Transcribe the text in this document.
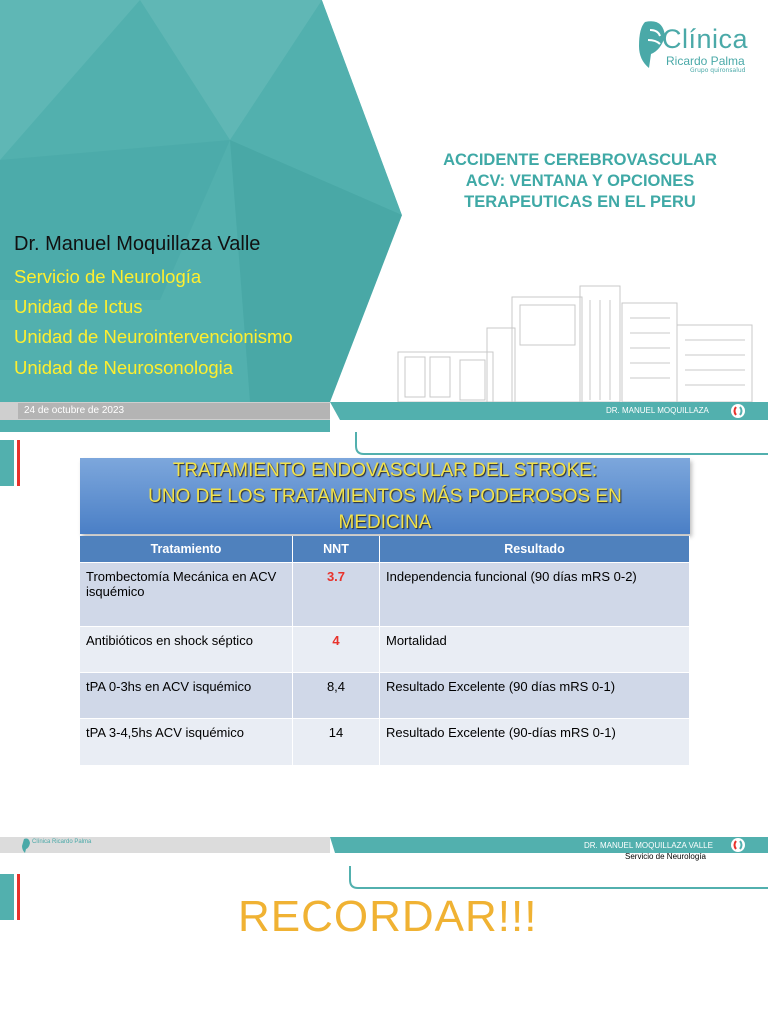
Clínica
Ricardo Palma
Grupo quironsalud
ACCIDENTE CEREBROVASCULAR
ACV: VENTANA Y OPCIONES
TERAPEUTICAS EN EL PERU
Dr. Manuel Moquillaza Valle
Servicio de Neurología
Unidad de Ictus
Unidad de Neurointervencionismo
Unidad de Neurosonologia
24 de octubre de 2023	DR. MANUEL MOQUILLAZA
TRATAMIENTO ENDOVASCULAR DEL STROKE:
UNO DE LOS TRATAMIENTOS MÁS PODEROSOS EN
MEDICINA
Tratamiento	NNT	Resultado
Trombectomía Mecánica en ACV isquémico	3.7	Independencia funcional (90 días mRS 0-2)
Antibióticos en shock séptico	4	Mortalidad
tPA 0-3hs en ACV isquémico	8,4	Resultado Excelente (90 días mRS 0-1)
tPA 3-4,5hs ACV isquémico	14	Resultado Excelente (90-días mRS 0-1)
Clínica Ricardo Palma	DR. MANUEL MOQUILLAZA VALLE
Servicio de Neurología
RECORDAR!!!
